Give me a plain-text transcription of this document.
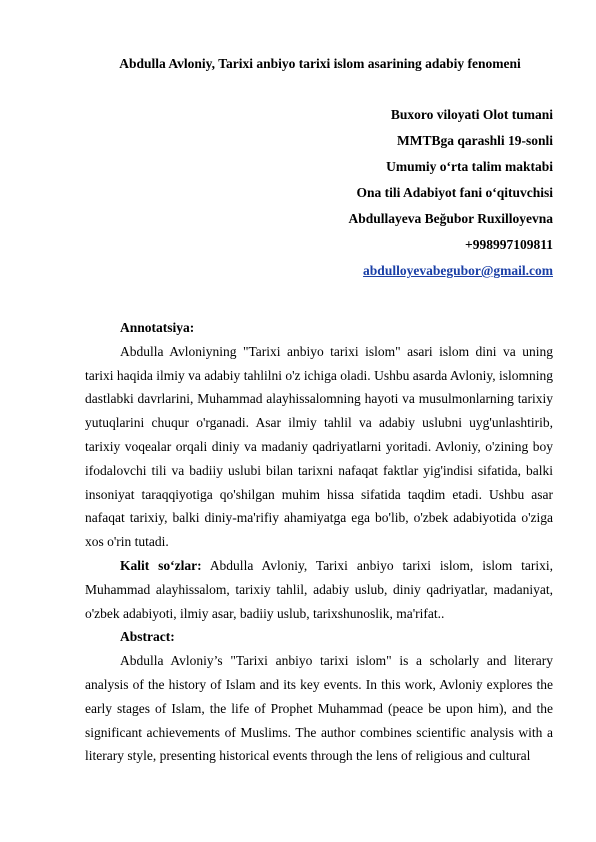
Abdulla Avloniy, Tarixi anbiyo tarixi islom asarining adabiy fenomeni

Buxoro viloyati Olot tumani
MMTBga qarashli 19-sonli
Umumiy o‘rta talim maktabi
Ona tili Adabiyot fani o‘qituvchisi
Abdullayeva Beğubor Ruxilloyevna
+998997109811
abdulloyevabegubor@gmail.com

Annotatsiya:

Abdulla Avloniyning "Tarixi anbiyo tarixi islom" asari islom dini va uning tarixi haqida ilmiy va adabiy tahlilni o'z ichiga oladi. Ushbu asarda Avloniy, islomning dastlabki davrlarini, Muhammad alayhissalomning hayoti va musulmonlarning tarixiy yutuqlarini chuqur o'rganadi. Asar ilmiy tahlil va adabiy uslubni uyg'unlashtirib, tarixiy voqealar orqali diniy va madaniy qadriyatlarni yoritadi. Avloniy, o'zining boy ifodalovchi tili va badiiy uslubi bilan tarixni nafaqat faktlar yig'indisi sifatida, balki insoniyat taraqqiyotiga qo'shilgan muhim hissa sifatida taqdim etadi. Ushbu asar nafaqat tarixiy, balki diniy-ma'rifiy ahamiyatga ega bo'lib, o'zbek adabiyotida o'ziga xos o'rin tutadi.

Kalit so‘zlar: Abdulla Avloniy, Tarixi anbiyo tarixi islom, islom tarixi, Muhammad alayhissalom, tarixiy tahlil, adabiy uslub, diniy qadriyatlar, madaniyat, o'zbek adabiyoti, ilmiy asar, badiiy uslub, tarixshunoslik, ma'rifat..

Abstract:

Abdulla Avloniy’s "Tarixi anbiyo tarixi islom" is a scholarly and literary analysis of the history of Islam and its key events. In this work, Avloniy explores the early stages of Islam, the life of Prophet Muhammad (peace be upon him), and the significant achievements of Muslims. The author combines scientific analysis with a literary style, presenting historical events through the lens of religious and cultural
